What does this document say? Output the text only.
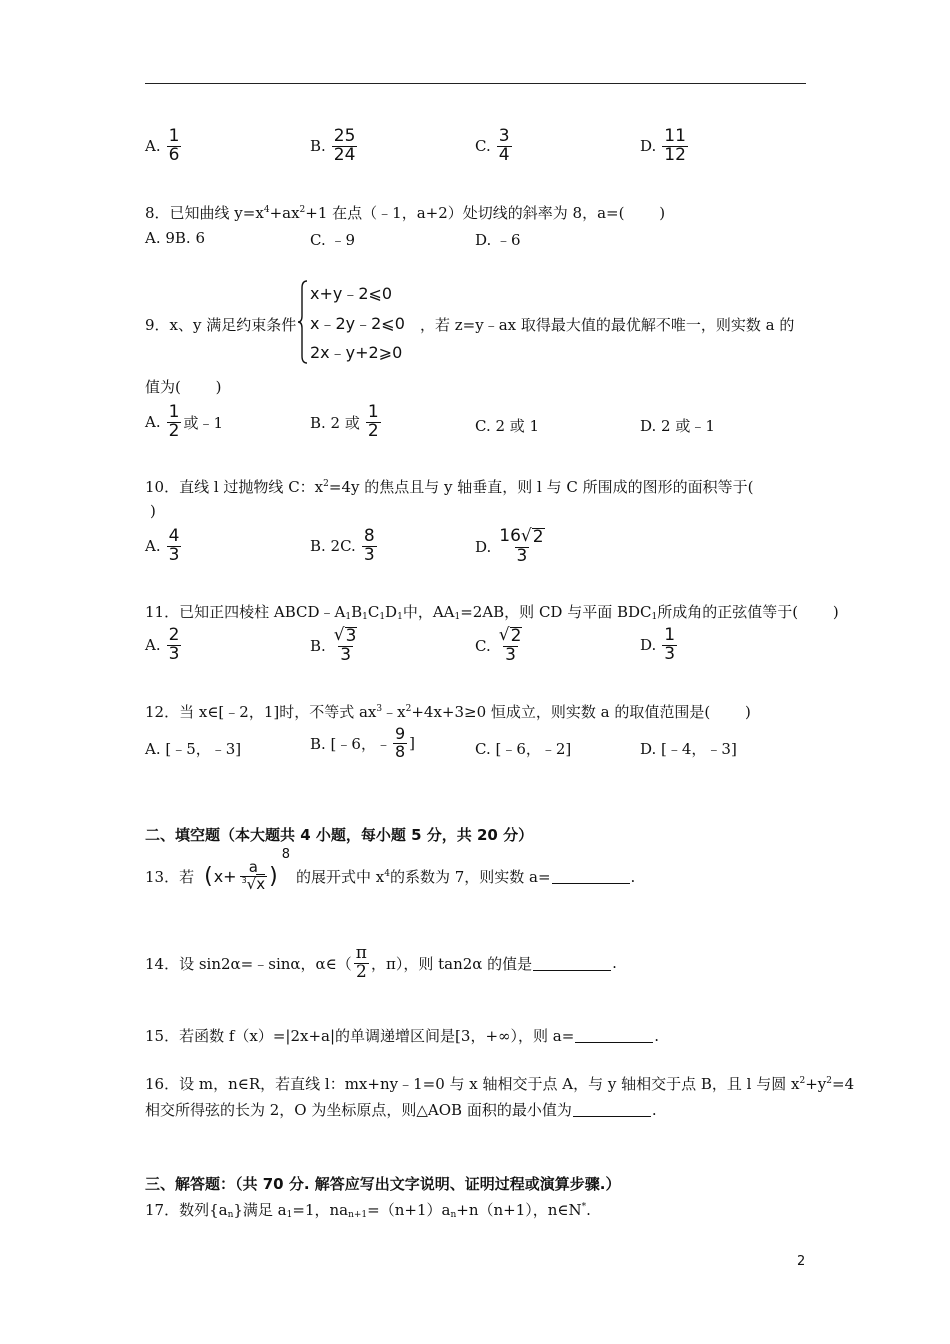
A. $\frac{1}{6}$	B. $\frac{25}{24}$	C. $\frac{3}{4}$	D. $\frac{11}{12}$
8．已知曲线 $y=x^4+ax^2+1$ 在点（﹣1，a+2）处切线的斜率为 8，a=(　　 )
A. 9B. 6	C. ﹣9	D. ﹣6
9．x、y 满足约束条件
x+y﹣2⩽0
x﹣2y﹣2⩽0
2x﹣y+2⩾0
，若 z=y﹣ax 取得最大值的最优解不唯一，则实数 a 的
值为(　　 )
A. $\frac{1}{2}$ 或﹣1	B. 2 或 $\frac{1}{2}$	C. 2 或 1	D. 2 或﹣1
10．直线 l 过抛物线 C：$x^2=4y$ 的焦点且与 y 轴垂直，则 l 与 C 所围成的图形的面积等于(
)
A. $\frac{4}{3}$	B. 2C. $\frac{8}{3}$	D. $\frac{16 √ 2}{3}$
11．已知正四棱柱 $ABCD﹣A_1B_1C_1D_1$中，$AA_1=2AB$，则 CD 与平面 $BDC_1$所成角的正弦值等于(　　 )
A. $\frac{2}{3}$	B. $\frac{√ 3}{3}$	C. $\frac{√ 2}{3}$	D. $\frac{1}{3}$
12．当 x∈[﹣2，1]时，不等式 $ax^3﹣x^2+4x+3\ge 0$ 恒成立，则实数 a 的取值范围是(　　 )
A. [﹣5，﹣3]	B. [﹣6，﹣ $\frac{9}{8}$ ]	C. [﹣6，﹣2]	D. [﹣4，﹣3]
二、填空题（本大题共 4 小题，每小题 5 分，共 20 分）
13．若 ( $x+ \frac{a}{^3√x}$ )
8
的展开式中 $x^4$的系数为 7，则实数 a=	.
14．设 sin2α=﹣sinα，α∈（ $\frac{\pi}{2}$ ，π），则 tan2α 的值是	.
15．若函数 f（x）=|2x+a|的单调递增区间是[3，+∞），则 a=	.
16．设 m，n∈R，若直线 l：mx+ny﹣1=0 与 x 轴相交于点 A，与 y 轴相交于点 B，且 l 与圆 $x^2+y^2=4$
相交所得弦的长为 2，O 为坐标原点，则△AOB 面积的最小值为	.
三、解答题：（共 70 分. 解答应写出文字说明、证明过程或演算步骤.）
17．数列$\{a_n\}$满足 $a_1=1$，$na_{n+1}=(n+1)a_n+n(n+1)$，n∈N*.
2
